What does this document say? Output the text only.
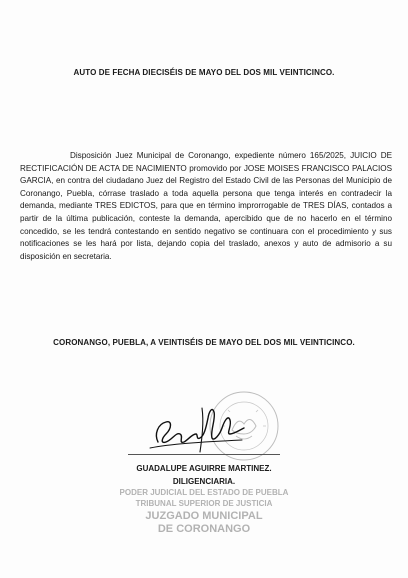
AUTO DE FECHA DIECISÉIS DE MAYO DEL DOS MIL VEINTICINCO.
Disposición Juez Municipal de Coronango, expediente número 165/2025, JUICIO DE RECTIFICACIÓN DE ACTA DE NACIMIENTO promovido por JOSE MOISES FRANCISCO PALACIOS GARCIA, en contra del ciudadano Juez del Registro del Estado Civil de las Personas del Municipio de Coronango, Puebla, córrase traslado a toda aquella persona que tenga interés en contradecir la demanda, mediante TRES EDICTOS, para que en término improrrogable de TRES DÍAS, contados a partir de la última publicación, conteste la demanda, apercibido que de no hacerlo en el término concedido, se les tendrá contestando en sentido negativo se continuara con el procedimiento y sus notificaciones se les hará por lista, dejando copia del traslado, anexos y auto de admisorio a su disposición en secretaria.
CORONANGO, PUEBLA, A VEINTISÉIS DE MAYO DEL DOS MIL VEINTICINCO.
GUADALUPE AGUIRRE MARTINEZ.
DILIGENCIARIA.
PODER JUDICIAL DEL ESTADO DE PUEBLA
TRIBUNAL SUPERIOR DE JUSTICIA
JUZGADO MUNICIPAL
DE CORONANGO
